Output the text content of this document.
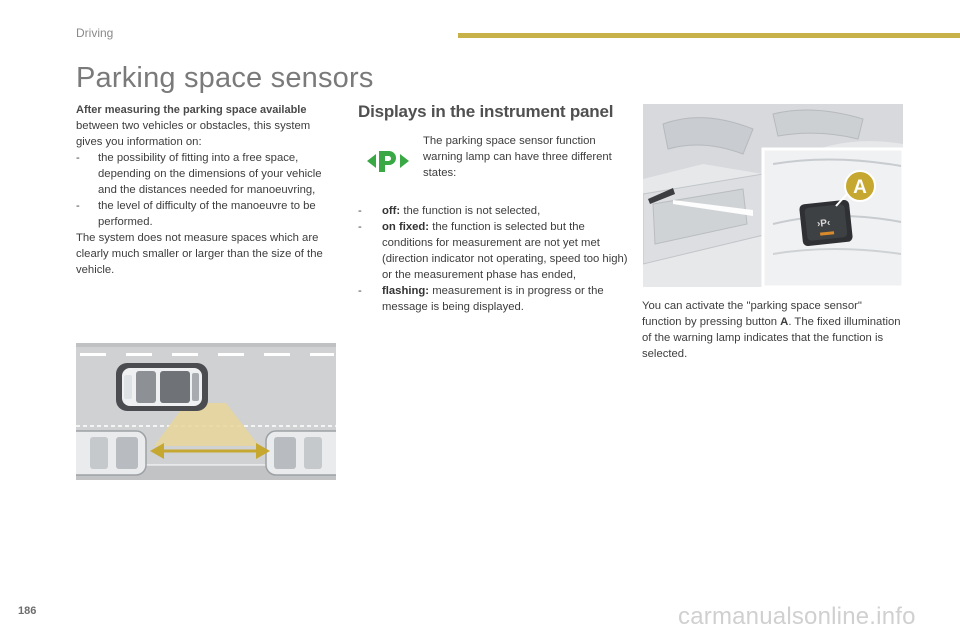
Driving
Parking space sensors
After measuring the parking space available
between two vehicles or obstacles, this system gives you information on:
-	the possibility of fitting into a free space, depending on the dimensions of your vehicle and the distances needed for manoeuvring,
-	the level of difficulty of the manoeuvre to be performed.
The system does not measure spaces which are clearly much smaller or larger than the size of the vehicle.
Displays in the instrument panel
The parking space sensor function warning lamp can have three different states:
-	off: the function is not selected,
-	on fixed: the function is selected but the conditions for measurement are not yet met (direction indicator not operating, speed too high) or the measurement phase has ended,
-	flashing: measurement is in progress or the message is being displayed.
›P‹
A
You can activate the "parking space sensor" function by pressing button A. The fixed illumination of the warning lamp indicates that the function is selected.
186	carmanualsonline.info
